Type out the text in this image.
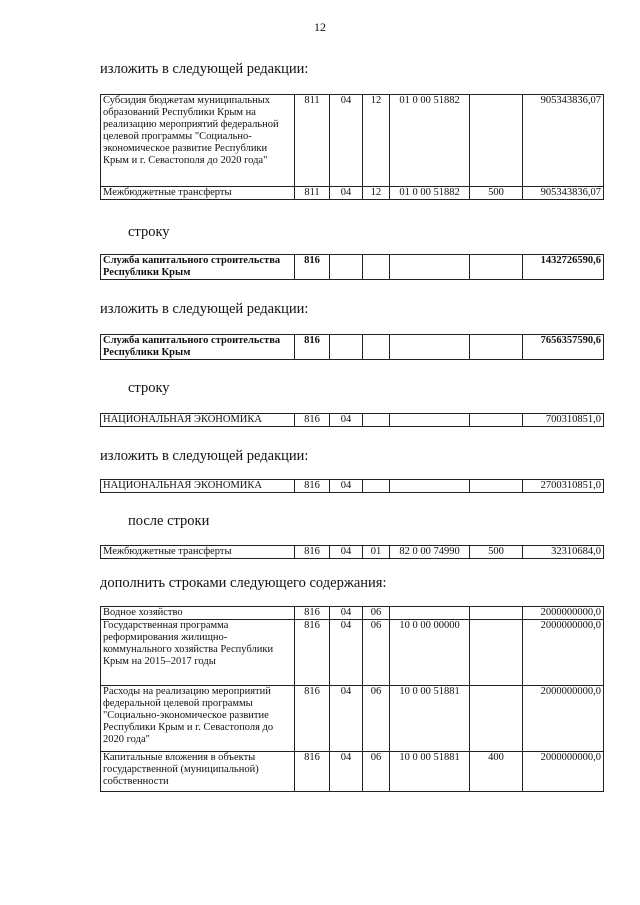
12
изложить в следующей редакции:
Субсидия бюджетам муниципальных образований Республики Крым на реализацию мероприятий федеральной целевой программы "Социально-экономическое развитие Республики Крым и г. Севастополя до 2020 года"	811	04	12	01 0 00 51882		905343836,07
Межбюджетные трансферты	811	04	12	01 0 00 51882	500	905343836,07
строку
Служба капитального строительства Республики Крым	816					1432726590,6
изложить в следующей редакции:
Служба капитального строительства Республики Крым	816					7656357590,6
строку
НАЦИОНАЛЬНАЯ ЭКОНОМИКА	816	04				700310851,0
изложить в следующей редакции:
НАЦИОНАЛЬНАЯ ЭКОНОМИКА	816	04				2700310851,0
после строки
Межбюджетные трансферты	816	04	01	82 0 00 74990	500	32310684,0
дополнить строками следующего содержания:
Водное хозяйство	816	04	06			2000000000,0
Государственная программа реформирования жилищно-коммунального хозяйства Республики Крым на 2015–2017 годы	816	04	06	10 0 00 00000		2000000000,0
Расходы на реализацию мероприятий федеральной целевой программы "Социально-экономическое развитие Республики Крым и г. Севастополя до 2020 года"	816	04	06	10 0 00 51881		2000000000,0
Капитальные вложения в объекты государственной (муниципальной) собственности	816	04	06	10 0 00 51881	400	2000000000,0
